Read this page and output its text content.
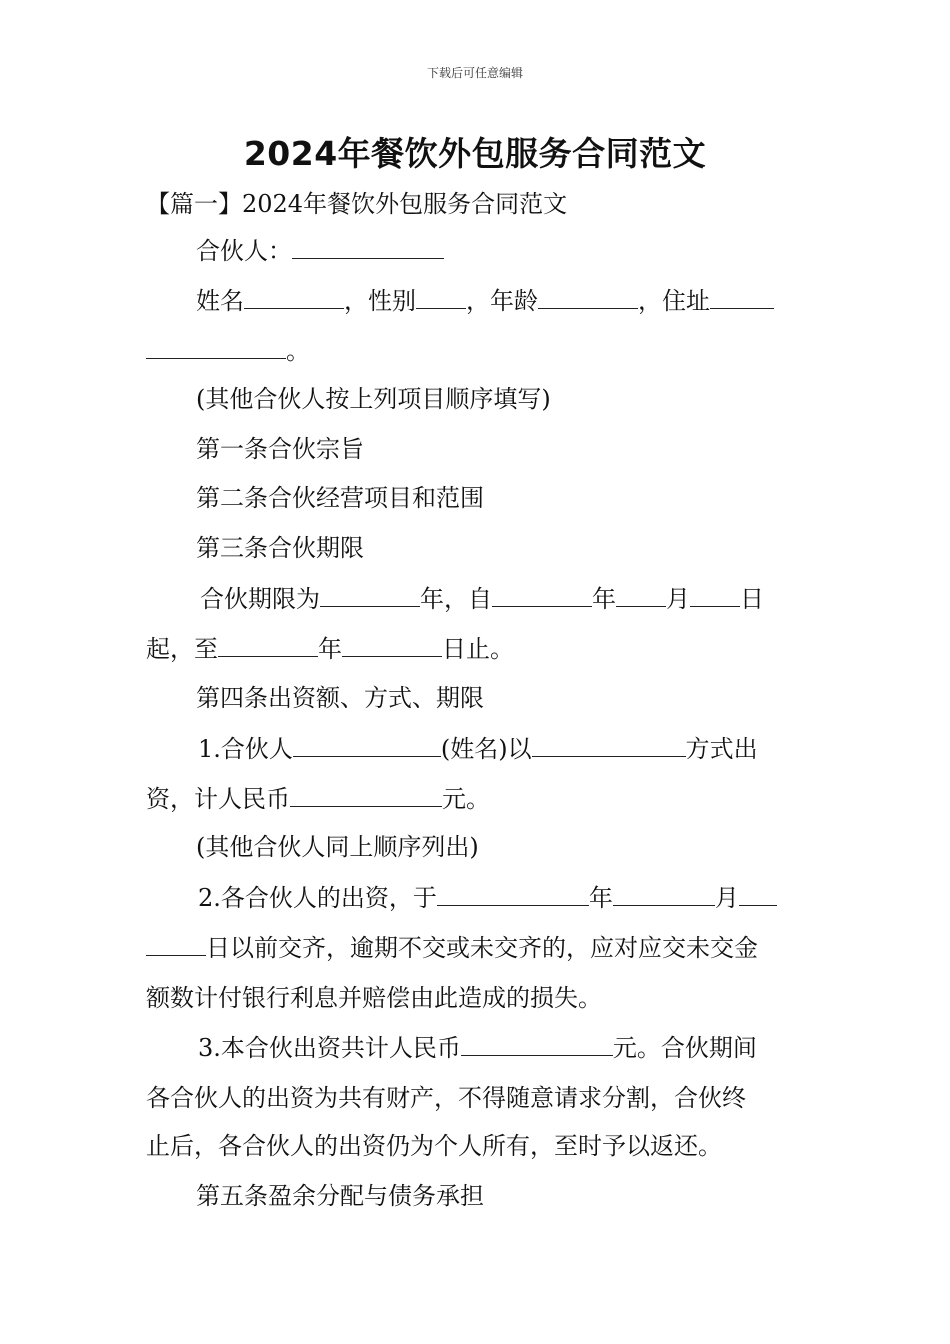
下载后可任意编辑
2024年餐饮外包服务合同范文
【篇一】2024年餐饮外包服务合同范文
合伙人：
姓名	，性别 ，年龄	，住址
。
(其他合伙人按上列项目顺序填写)
第一条合伙宗旨
第二条合伙经营项目和范围
第三条合伙期限
合伙期限为	年，自	年 月 日
起，至	年	日止。
第四条出资额、方式、期限
1.合伙人	(姓名)以	方式出
资，计人民币	元。
(其他合伙人同上顺序列出)
2.各合伙人的出资，于	年	月
日以前交齐，逾期不交或未交齐的，应对应交未交金
额数计付银行利息并赔偿由此造成的损失。
3.本合伙出资共计人民币	元。合伙期间
各合伙人的出资为共有财产，不得随意请求分割，合伙终
止后，各合伙人的出资仍为个人所有，至时予以返还。
第五条盈余分配与债务承担
